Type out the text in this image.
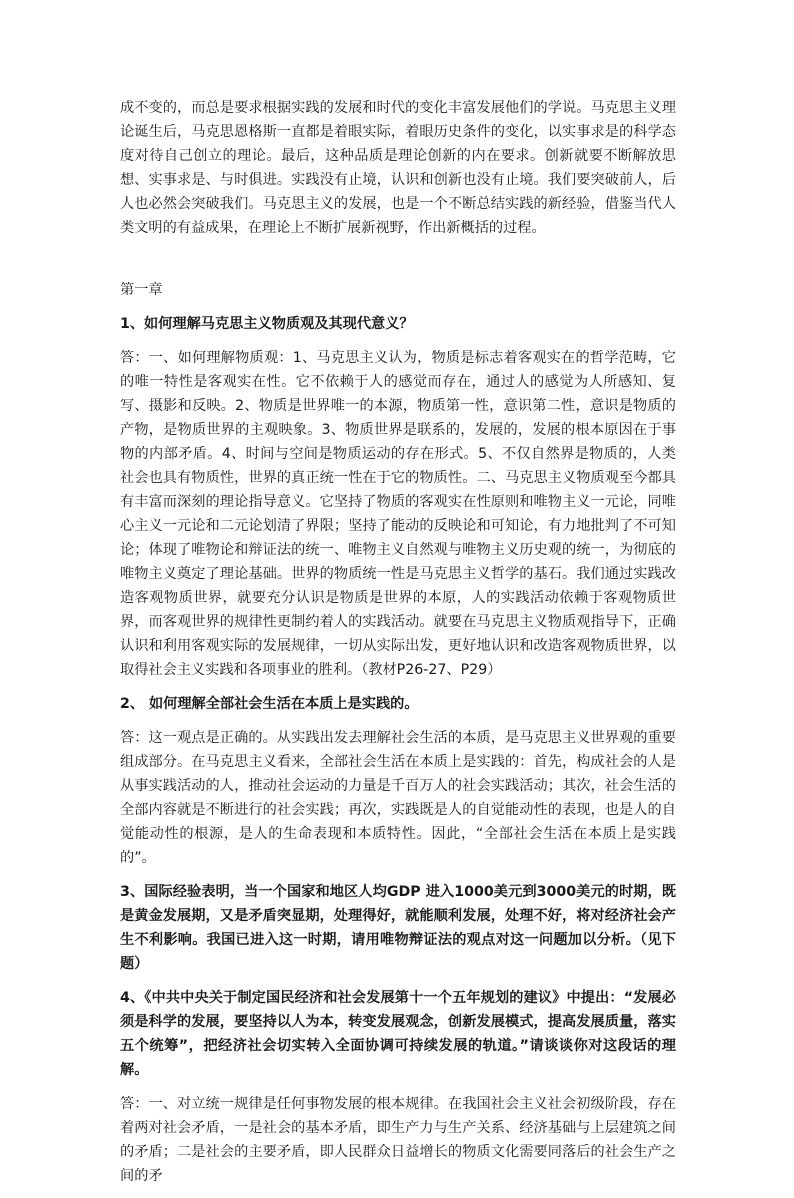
成不变的，而总是要求根据实践的发展和时代的变化丰富发展他们的学说。马克思主义理论诞生后，马克思恩格斯一直都是着眼实际，着眼历史条件的变化，以实事求是的科学态度对待自己创立的理论。最后，这种品质是理论创新的内在要求。创新就要不断解放思想、实事求是、与时俱进。实践没有止境，认识和创新也没有止境。我们要突破前人，后人也必然会突破我们。马克思主义的发展，也是一个不断总结实践的新经验，借鉴当代人类文明的有益成果，在理论上不断扩展新视野，作出新概括的过程。

第一章

1、如何理解马克思主义物质观及其现代意义？

答：一、如何理解物质观：1、马克思主义认为，物质是标志着客观实在的哲学范畴，它的唯一特性是客观实在性。它不依赖于人的感觉而存在，通过人的感觉为人所感知、复写、摄影和反映。2、物质是世界唯一的本源，物质第一性，意识第二性，意识是物质的产物，是物质世界的主观映象。3、物质世界是联系的，发展的，发展的根本原因在于事物的内部矛盾。4、时间与空间是物质运动的存在形式。5、不仅自然界是物质的，人类社会也具有物质性，世界的真正统一性在于它的物质性。二、马克思主义物质观至今都具有丰富而深刻的理论指导意义。它坚持了物质的客观实在性原则和唯物主义一元论，同唯心主义一元论和二元论划清了界限；坚持了能动的反映论和可知论，有力地批判了不可知论；体现了唯物论和辩证法的统一、唯物主义自然观与唯物主义历史观的统一，为彻底的唯物主义奠定了理论基础。世界的物质统一性是马克思主义哲学的基石。我们通过实践改造客观物质世界，就要充分认识是物质是世界的本原，人的实践活动依赖于客观物质世界，而客观世界的规律性更制约着人的实践活动。就要在马克思主义物质观指导下，正确认识和利用客观实际的发展规律，一切从实际出发，更好地认识和改造客观物质世界，以取得社会主义实践和各项事业的胜利。（教材P26-27、P29）

2、 如何理解全部社会生活在本质上是实践的。

答：这一观点是正确的。从实践出发去理解社会生活的本质，是马克思主义世界观的重要组成部分。在马克思主义看来，全部社会生活在本质上是实践的：首先，构成社会的人是从事实践活动的人，推动社会运动的力量是千百万人的社会实践活动；其次，社会生活的全部内容就是不断进行的社会实践；再次，实践既是人的自觉能动性的表现，也是人的自觉能动性的根源，是人的生命表现和本质特性。因此，“全部社会生活在本质上是实践的”。

3、国际经验表明，当一个国家和地区人均GDP 进入1000美元到3000美元的时期，既是黄金发展期，又是矛盾突显期，处理得好，就能顺利发展，处理不好，将对经济社会产生不利影响。我国已进入这一时期，请用唯物辩证法的观点对这一问题加以分析。（见下题）

4、《中共中央关于制定国民经济和社会发展第十一个五年规划的建议》中提出：“发展必须是科学的发展，要坚持以人为本，转变发展观念，创新发展模式，提高发展质量，落实五个统筹”，把经济社会切实转入全面协调可持续发展的轨道。”请谈谈你对这段话的理解。

答：一、对立统一规律是任何事物发展的根本规律。在我国社会主义社会初级阶段，存在着两对社会矛盾，一是社会的基本矛盾，即生产力与生产关系、经济基础与上层建筑之间的矛盾；二是社会的主要矛盾，即人民群众日益增长的物质文化需要同落后的社会生产之间的矛
